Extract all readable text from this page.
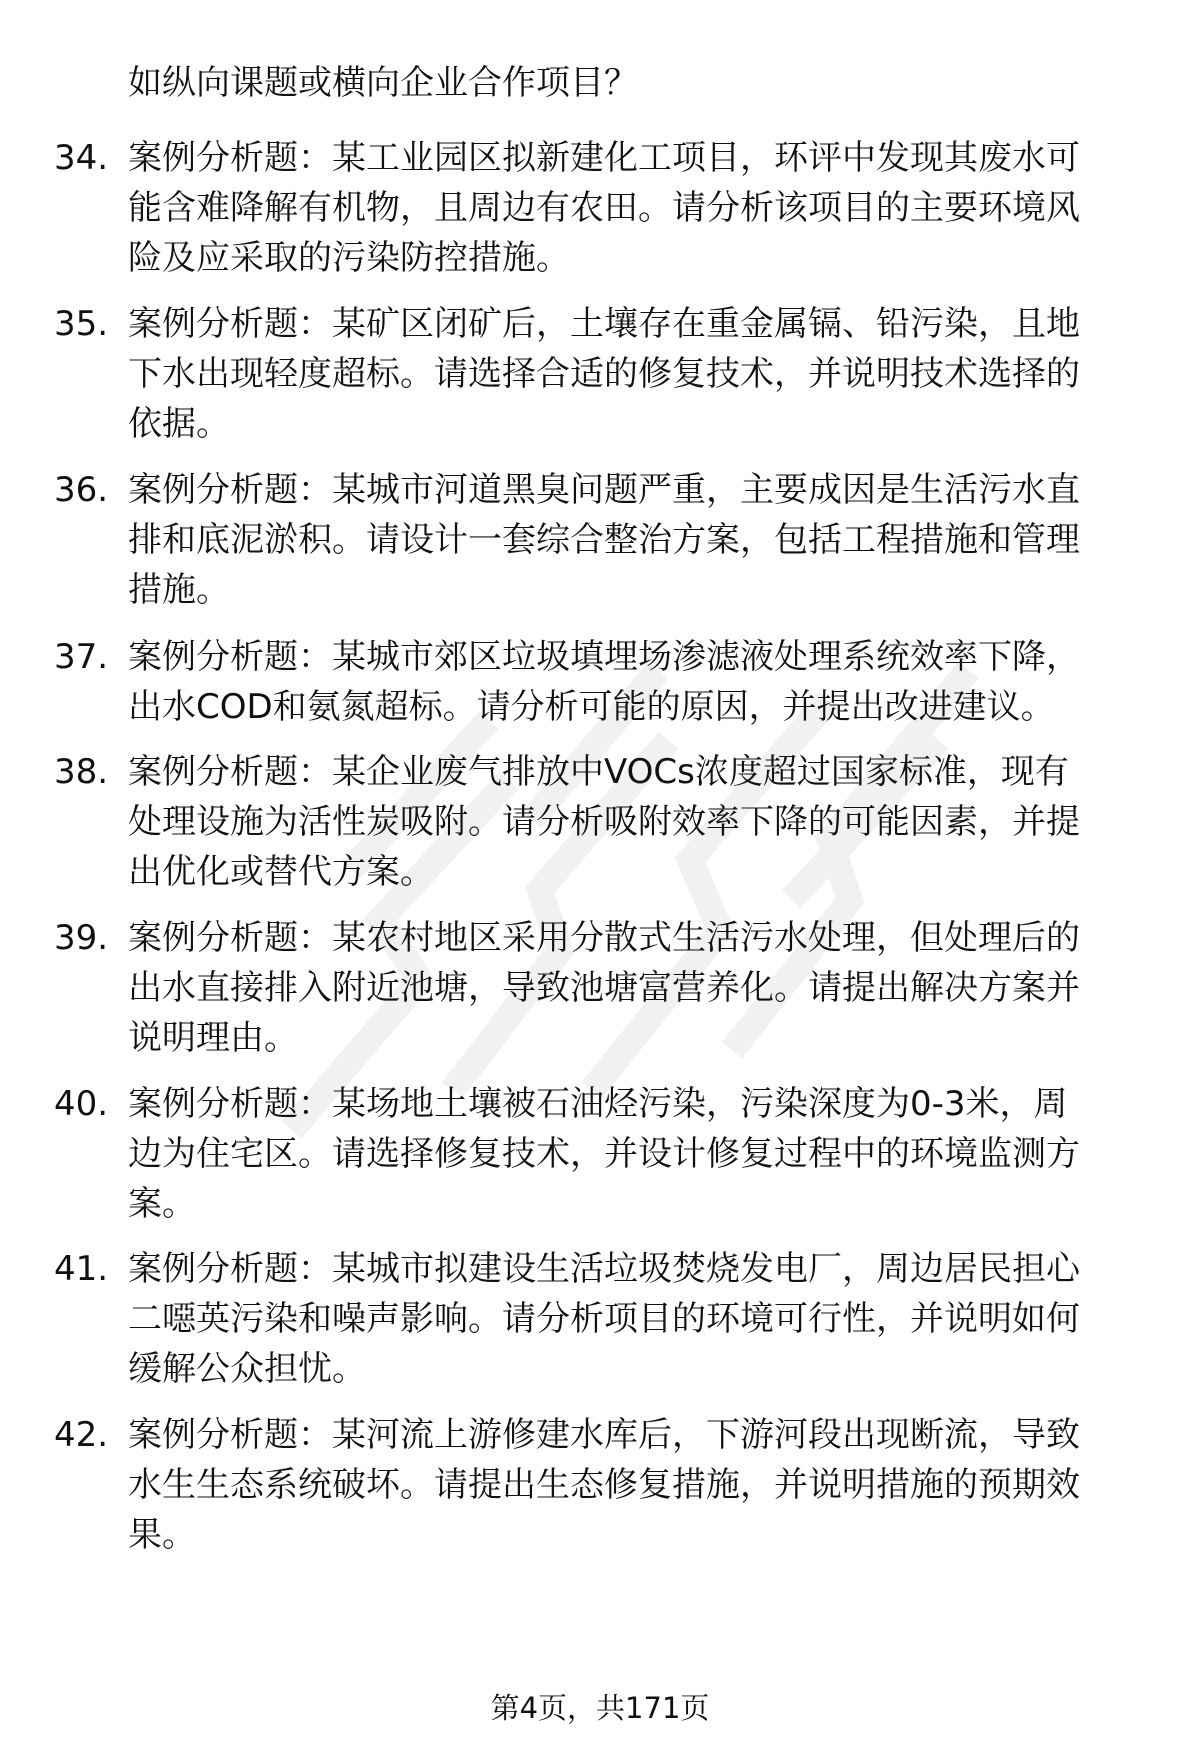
如纵向课题或横向企业合作项目？
34. 案例分析题：某工业园区拟新建化工项目，环评中发现其废水可
能含难降解有机物，且周边有农田。请分析该项目的主要环境风
险及应采取的污染防控措施。
35. 案例分析题：某矿区闭矿后，土壤存在重金属镉、铅污染，且地
下水出现轻度超标。请选择合适的修复技术，并说明技术选择的
依据。
36. 案例分析题：某城市河道黑臭问题严重，主要成因是生活污水直
排和底泥淤积。请设计一套综合整治方案，包括工程措施和管理
措施。
37. 案例分析题：某城市郊区垃圾填埋场渗滤液处理系统效率下降，
出水COD和氨氮超标。请分析可能的原因，并提出改进建议。
38. 案例分析题：某企业废气排放中VOCs浓度超过国家标准，现有
处理设施为活性炭吸附。请分析吸附效率下降的可能因素，并提
出优化或替代方案。
39. 案例分析题：某农村地区采用分散式生活污水处理，但处理后的
出水直接排入附近池塘，导致池塘富营养化。请提出解决方案并
说明理由。
40. 案例分析题：某场地土壤被石油烃污染，污染深度为0-3米，周
边为住宅区。请选择修复技术，并设计修复过程中的环境监测方
案。
41. 案例分析题：某城市拟建设生活垃圾焚烧发电厂，周边居民担心
二噁英污染和噪声影响。请分析项目的环境可行性，并说明如何
缓解公众担忧。
42. 案例分析题：某河流上游修建水库后，下游河段出现断流，导致
水生生态系统破坏。请提出生态修复措施，并说明措施的预期效
果。
第4页，共171页
